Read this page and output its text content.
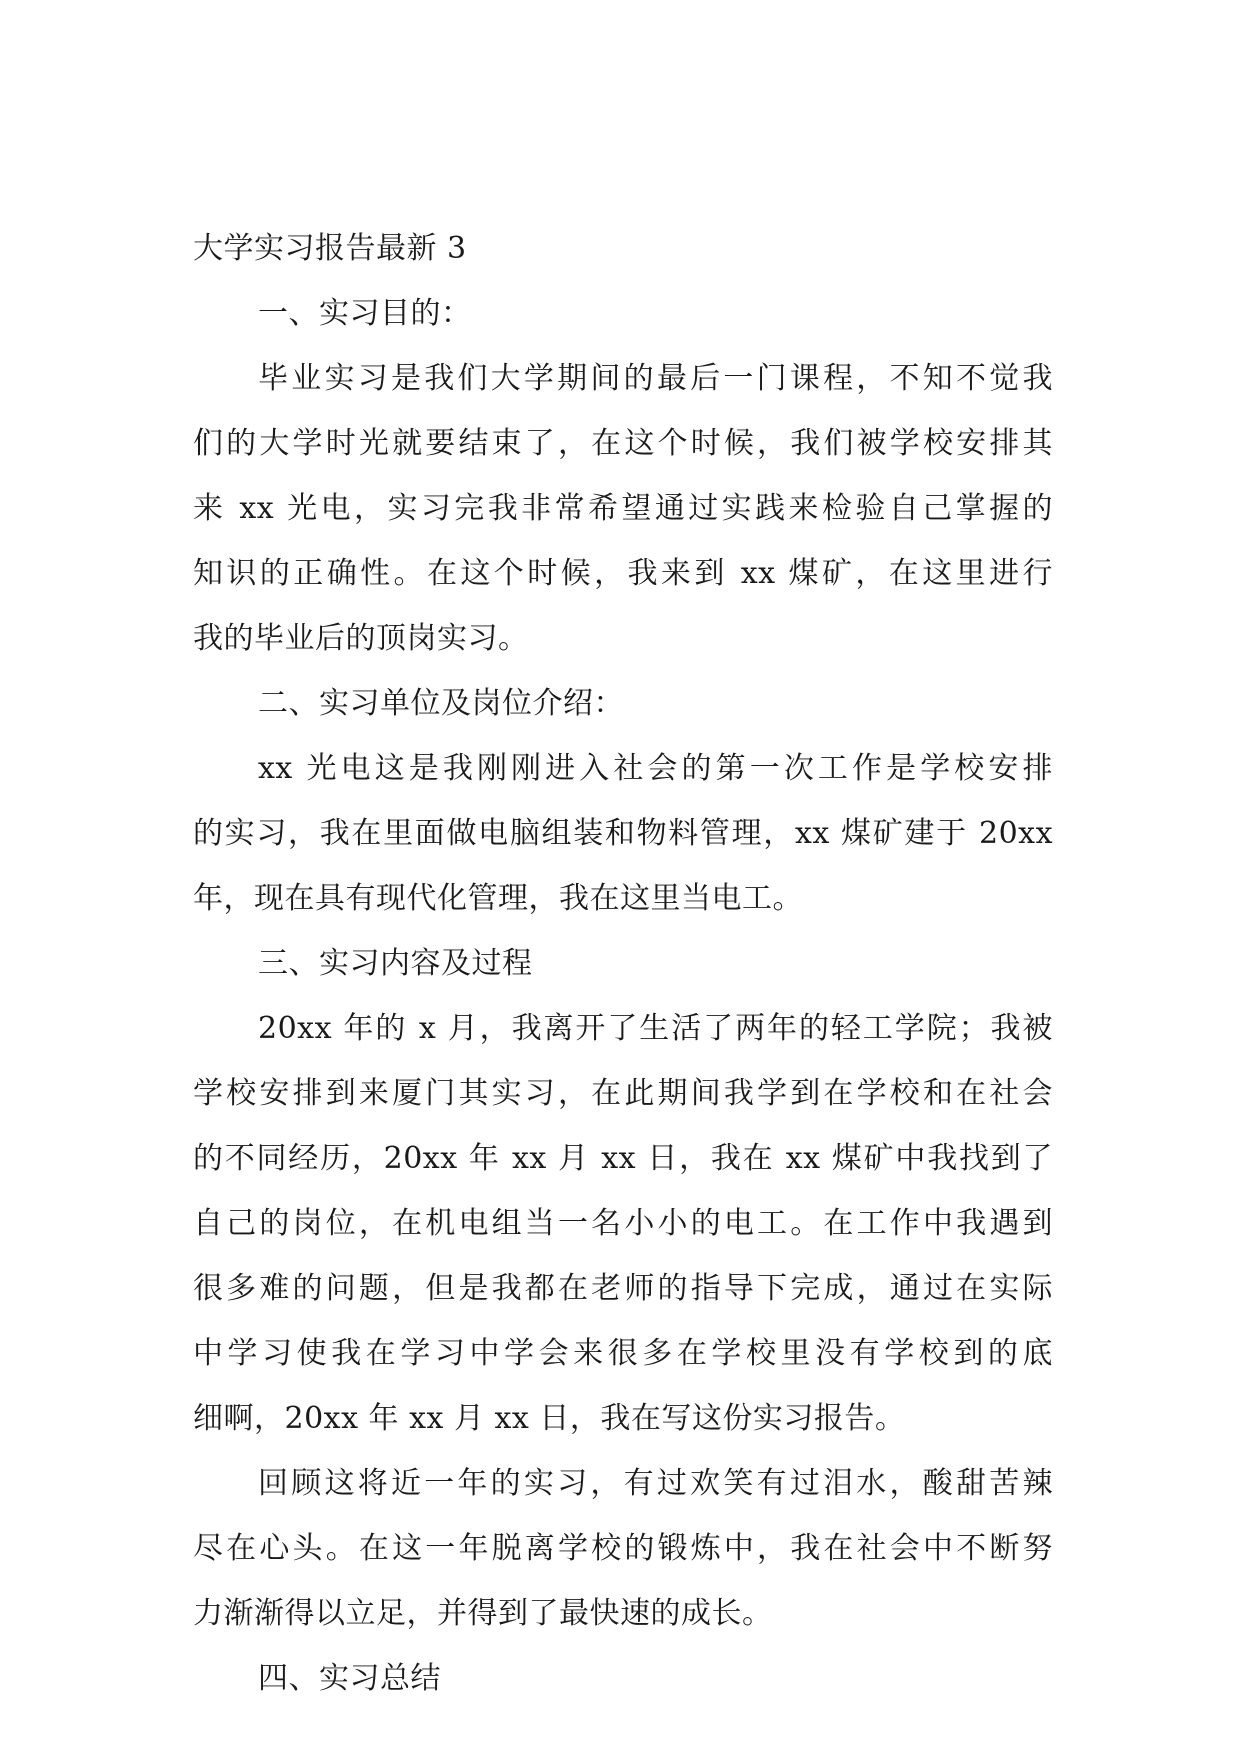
大学实习报告最新 3
一、实习目的：
毕业实习是我们大学期间的最后一门课程，不知不觉我
们的大学时光就要结束了，在这个时候，我们被学校安排其
来 xx 光电，实习完我非常希望通过实践来检验自己掌握的
知识的正确性。在这个时候，我来到 xx 煤矿，在这里进行
我的毕业后的顶岗实习。
二、实习单位及岗位介绍：
xx 光电这是我刚刚进入社会的第一次工作是学校安排
的实习，我在里面做电脑组装和物料管理，xx 煤矿建于 20xx
年，现在具有现代化管理，我在这里当电工。
三、实习内容及过程
20xx 年的 x 月，我离开了生活了两年的轻工学院；我被
学校安排到来厦门其实习，在此期间我学到在学校和在社会
的不同经历，20xx 年 xx 月 xx 日，我在 xx 煤矿中我找到了
自己的岗位，在机电组当一名小小的电工。在工作中我遇到
很多难的问题，但是我都在老师的指导下完成，通过在实际
中学习使我在学习中学会来很多在学校里没有学校到的底
细啊，20xx 年 xx 月 xx 日，我在写这份实习报告。
回顾这将近一年的实习，有过欢笑有过泪水，酸甜苦辣
尽在心头。在这一年脱离学校的锻炼中，我在社会中不断努
力渐渐得以立足，并得到了最快速的成长。
四、实习总结
